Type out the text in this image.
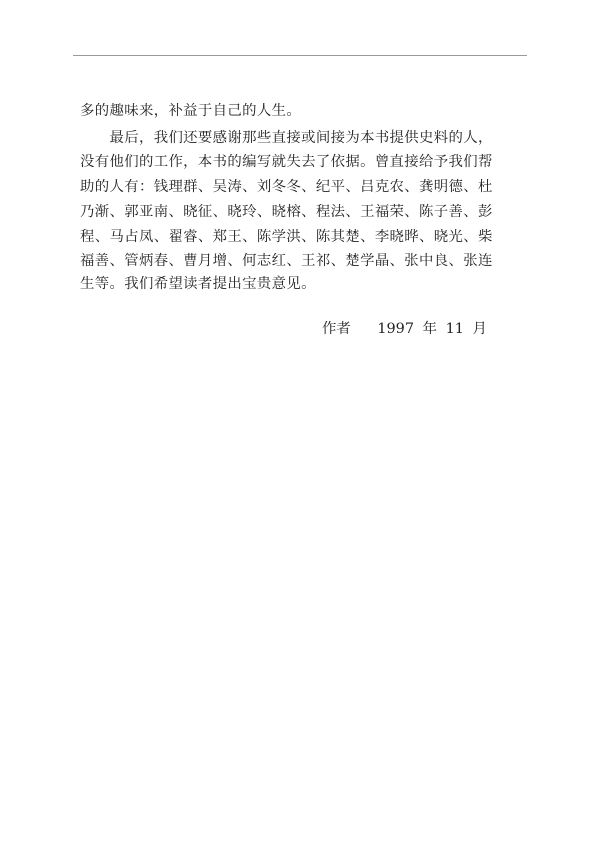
多的趣味来，补益于自己的人生。
　　最后，我们还要感谢那些直接或间接为本书提供史料的人，
没有他们的工作，本书的编写就失去了依据。曾直接给予我们帮
助的人有：钱理群、吴涛、刘冬冬、纪平、吕克农、龚明德、杜
乃渐、郭亚南、晓征、晓玲、晓榕、程法、王福荣、陈子善、彭
程、马占凤、翟睿、郑王、陈学洪、陈其楚、李晓晔、晓光、柴
福善、管炳春、曹月增、何志红、王祁、楚学晶、张中良、张连
生等。我们希望读者提出宝贵意见。
作者 1997 年 11 月
